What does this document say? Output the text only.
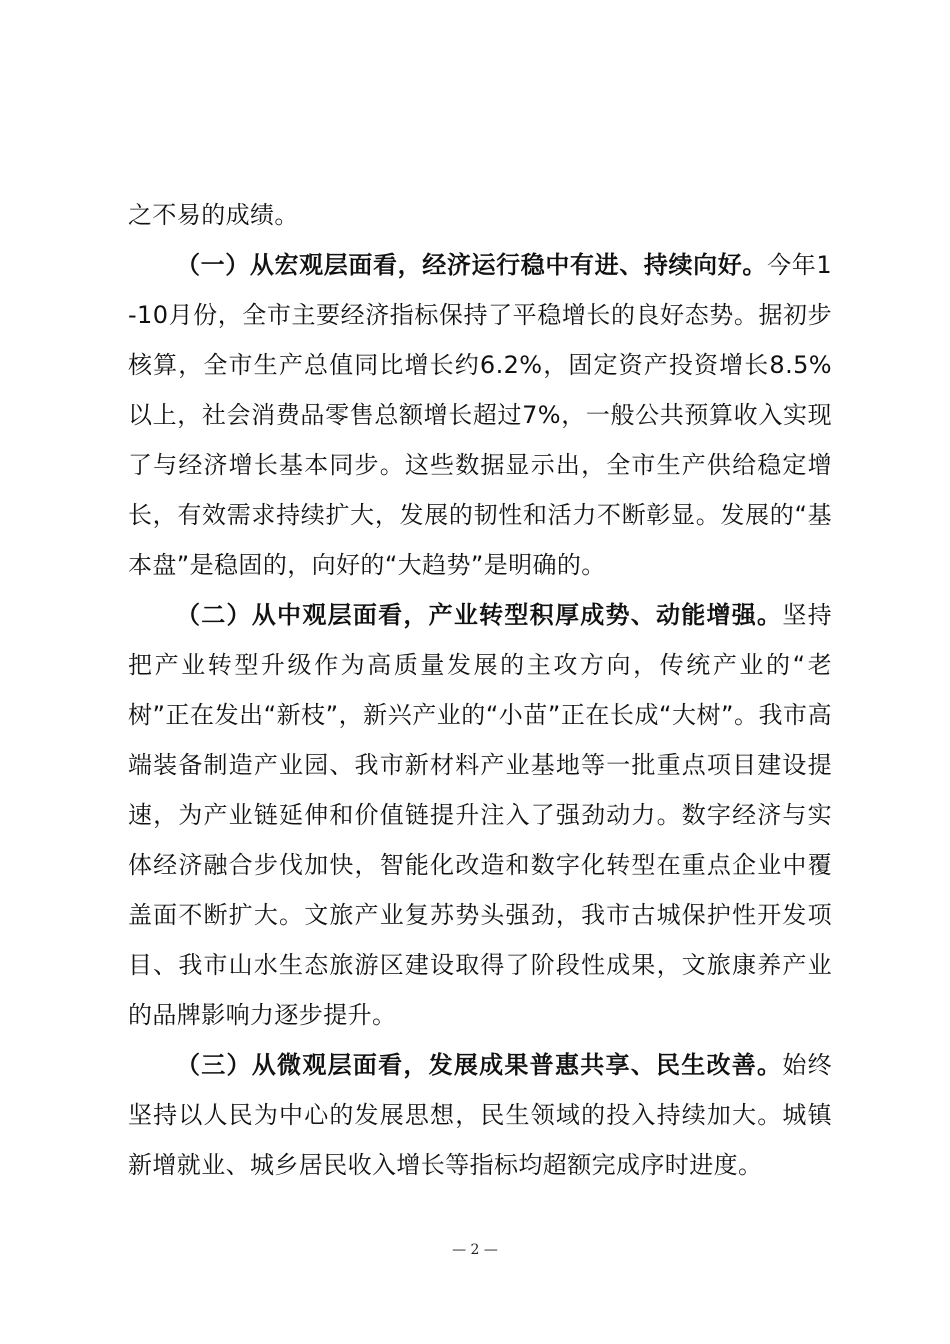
之不易的成绩。

（一）从宏观层面看，经济运行稳中有进、持续向好。今年1-10月份，全市主要经济指标保持了平稳增长的良好态势。据初步核算，全市生产总值同比增长约6.2%，固定资产投资增长8.5%以上，社会消费品零售总额增长超过7%，一般公共预算收入实现了与经济增长基本同步。这些数据显示出，全市生产供给稳定增长，有效需求持续扩大，发展的韧性和活力不断彰显。发展的“基本盘”是稳固的，向好的“大趋势”是明确的。

（二）从中观层面看，产业转型积厚成势、动能增强。坚持把产业转型升级作为高质量发展的主攻方向，传统产业的“老树”正在发出“新枝”，新兴产业的“小苗”正在长成“大树”。我市高端装备制造产业园、我市新材料产业基地等一批重点项目建设提速，为产业链延伸和价值链提升注入了强劲动力。数字经济与实体经济融合步伐加快，智能化改造和数字化转型在重点企业中覆盖面不断扩大。文旅产业复苏势头强劲，我市古城保护性开发项目、我市山水生态旅游区建设取得了阶段性成果，文旅康养产业的品牌影响力逐步提升。

（三）从微观层面看，发展成果普惠共享、民生改善。始终坚持以人民为中心的发展思想，民生领域的投入持续加大。城镇新增就业、城乡居民收入增长等指标均超额完成序时进度。

— 2 —
